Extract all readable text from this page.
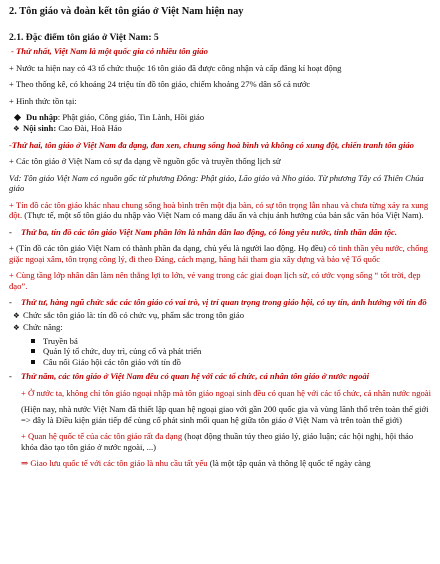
2. Tôn giáo và đoàn kết tôn giáo ở Việt Nam hiện nay
2.1. Đặc điểm tôn giáo ở Việt Nam: 5

- Thứ nhất, Việt Nam là một quốc gia có nhiều tôn giáo

+ Nước ta hiện nay có 43 tổ chức thuộc 16 tôn giáo đã được công nhận và cấp đăng kí hoạt động

+ Theo thống kê, có khoảng 24 triệu tín đồ tôn giáo, chiếm khoảng 27% dân số cả nước

+ Hình thức tồn tại:

Du nhập: Phật giáo, Công giáo, Tin Lành, Hồi giáo
❖ Nội sinh: Cao Đài, Hoà Hảo

-Thứ hai, tôn giáo ở Việt Nam đa dạng, đan xen, chung sống hoà bình và không có xung đột, chiến tranh tôn giáo

+ Các tôn giáo ở Việt Nam có sự đa dạng về nguồn gốc và truyền thống lịch sử

Vd: Tôn giáo Việt Nam có nguồn gốc từ phương Đông: Phật giáo, Lão giáo và Nho giáo. Từ phương Tây có Thiên Chúa giáo

+ Tín đồ các tôn giáo khác nhau chung sống hoà bình trên một địa bàn, có sự tôn trọng lẫn nhau và chưa từng xảy ra xung đột. (Thực tế, một số tôn giáo du nhập vào Việt Nam có mang dấu ấn và chịu ảnh hưởng của bản sắc văn hóa Việt Nam).

-	Thứ ba, tín đồ các tôn giáo Việt Nam phần lớn là nhân dân lao động, có lòng yêu nước, tinh thần dân tộc.

+ (Tín đồ các tôn giáo Việt Nam có thành phần đa dạng, chủ yếu là người lao động. Họ đều) có tinh thần yêu nước, chống giặc ngoại xâm, tôn trọng công lý, đi theo Đảng, cách mạng, hăng hái tham gia xây dựng và bảo vệ Tổ quốc

+ Cùng tầng lớp nhân dân làm nên thắng lợi to lớn, vẻ vang trong các giai đoạn lịch sử, có ước vọng sống “ tốt trời, đẹp đạo”.

-	Thứ tư, hàng ngũ chức sắc các tôn giáo có vai trò, vị trí quan trọng trong giáo hội, có uy tín, ảnh hưởng với tín đồ
❖ Chức sắc tôn giáo là: tín đồ có chức vụ, phẩm sắc trong tôn giáo
❖ Chức năng:
Truyền bá
Quản lý tổ chức, duy trì, củng cố và phát triển
Câu nối Giáo hội các tôn giáo với tín đồ
-	Thứ năm, các tôn giáo ở Việt Nam đều có quan hệ với các tổ chức, cá nhân tôn giáo ở nước ngoài

+ Ở nước ta, không chỉ tôn giáo ngoại nhập mà tôn giáo ngoại sinh đều có quan hệ với các tổ chức, cá nhân nước ngoài

(Hiện nay, nhà nước Việt Nam đã thiết lập quan hệ ngoại giao với gần 200 quốc gia và vùng lãnh thổ trên toàn thế giới => đây là Điều kiện gián tiếp để cùng cố phát sinh mối quan hệ giữa tôn giáo ở Việt Nam và trên toàn thế giới)

+ Quan hệ quốc tế của các tôn giáo rất đa dạng (hoạt động thuần túy theo giáo lý, giáo luận; các hội nghị, hội thảo khóa đào tạo tôn giáo ở nước ngoài, ...)

⇒ Giao lưu quốc tế với các tôn giáo là nhu cầu tất yếu (là một tập quán và thông lệ quốc tế ngày càng
